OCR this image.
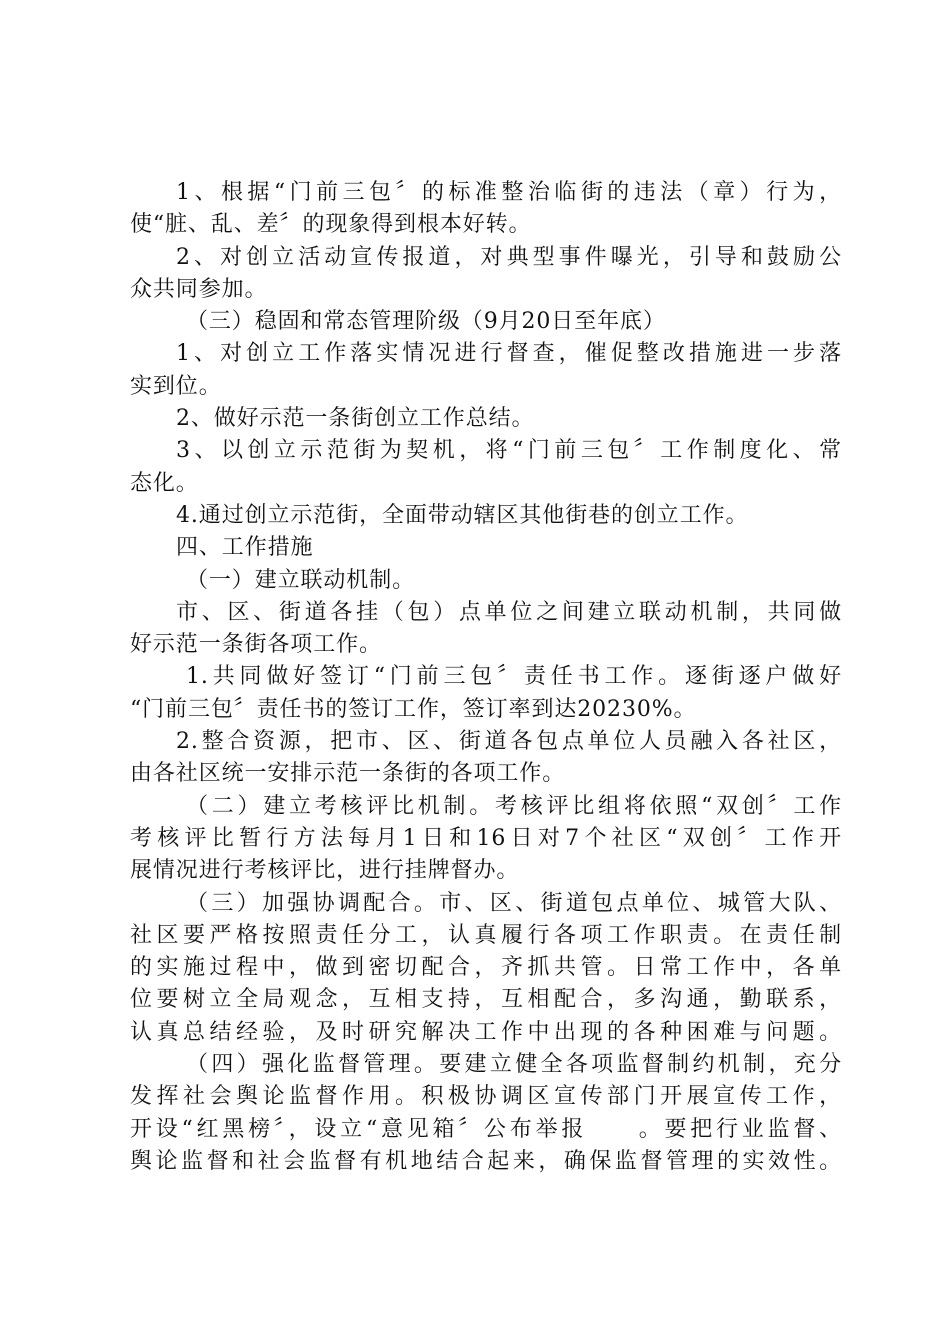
1、根据“门前三包〞的标准整治临街的违法（章）行为，
使“脏、乱、差〞的现象得到根本好转。
2、对创立活动宣传报道，对典型事件曝光，引导和鼓励公
众共同参加。
（三）稳固和常态管理阶级（9月20日至年底）
1、对创立工作落实情况进行督查，催促整改措施进一步落
实到位。
2、做好示范一条街创立工作总结。
3、以创立示范街为契机，将“门前三包〞工作制度化、常
态化。
4.通过创立示范街，全面带动辖区其他街巷的创立工作。
四、工作措施
（一）建立联动机制。
市、区、街道各挂（包）点单位之间建立联动机制，共同做
好示范一条街各项工作。
1.共同做好签订“门前三包〞责任书工作。逐街逐户做好
“门前三包〞责任书的签订工作，签订率到达20230%。
2.整合资源，把市、区、街道各包点单位人员融入各社区，
由各社区统一安排示范一条街的各项工作。
（二）建立考核评比机制。考核评比组将依照“双创〞工作
考核评比暂行方法每月1日和16日对7个社区“双创〞工作开
展情况进行考核评比，进行挂牌督办。
（三）加强协调配合。市、区、街道包点单位、城管大队、
社区要严格按照责任分工，认真履行各项工作职责。在责任制
的实施过程中，做到密切配合，齐抓共管。日常工作中，各单
位要树立全局观念，互相支持，互相配合，多沟通，勤联系，
认真总结经验，及时研究解决工作中出现的各种困难与问题。
（四）强化监督管理。要建立健全各项监督制约机制，充分
发挥社会舆论监督作用。积极协调区宣传部门开展宣传工作，
开设“红黑榜〞，设立“意见箱〞公布举报　　。要把行业监督、
舆论监督和社会监督有机地结合起来，确保监督管理的实效性。
